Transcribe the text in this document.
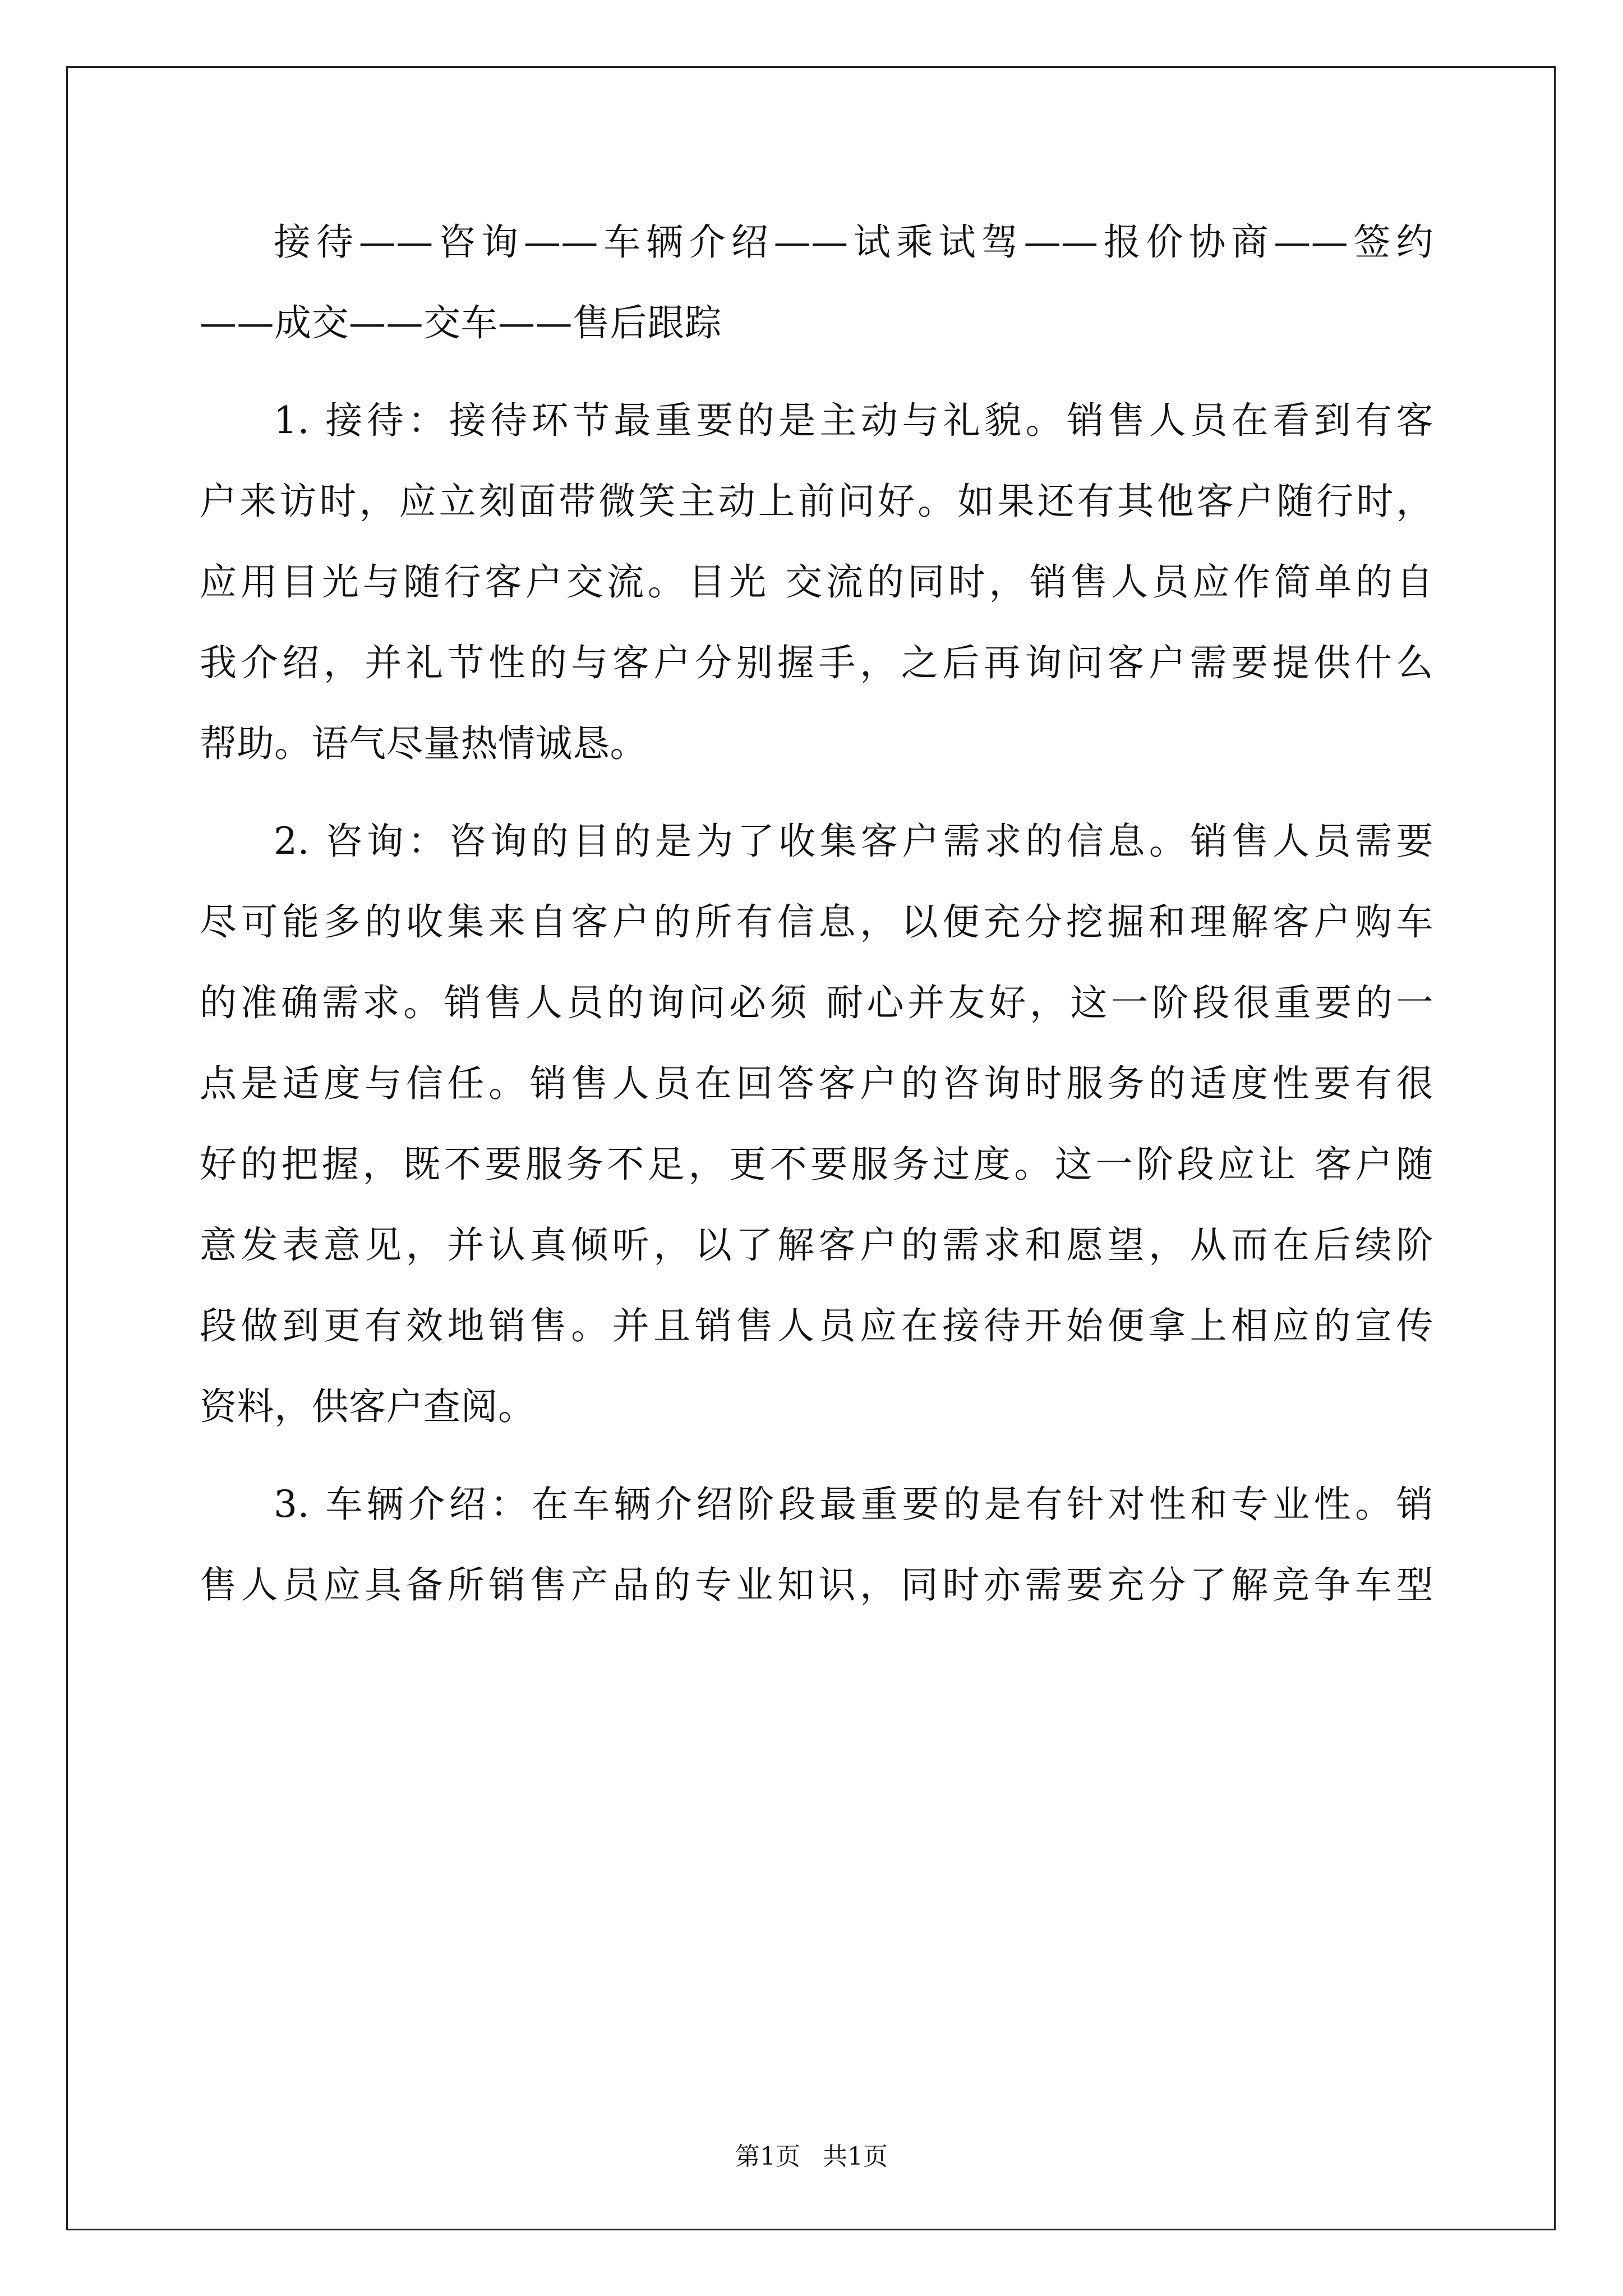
接待——咨询——车辆介绍——试乘试驾——报价协商——签约
——成交——交车——售后跟踪
1. 接待：接待环节最重要的是主动与礼貌。销售人员在看到有客
户来访时，应立刻面带微笑主动上前问好。如果还有其他客户随行时，
应用目光与随行客户交流。目光 交流的同时，销售人员应作简单的自
我介绍，并礼节性的与客户分别握手，之后再询问客户需要提供什么
帮助。语气尽量热情诚恳。
2. 咨询：咨询的目的是为了收集客户需求的信息。销售人员需要
尽可能多的收集来自客户的所有信息，以便充分挖掘和理解客户购车
的准确需求。销售人员的询问必须 耐心并友好，这一阶段很重要的一
点是适度与信任。销售人员在回答客户的咨询时服务的适度性要有很
好的把握，既不要服务不足，更不要服务过度。这一阶段应让 客户随
意发表意见，并认真倾听，以了解客户的需求和愿望，从而在后续阶
段做到更有效地销售。并且销售人员应在接待开始便拿上相应的宣传
资料，供客户查阅。
3. 车辆介绍：在车辆介绍阶段最重要的是有针对性和专业性。销
售人员应具备所销售产品的专业知识，同时亦需要充分了解竞争车型
第1页 共1页
